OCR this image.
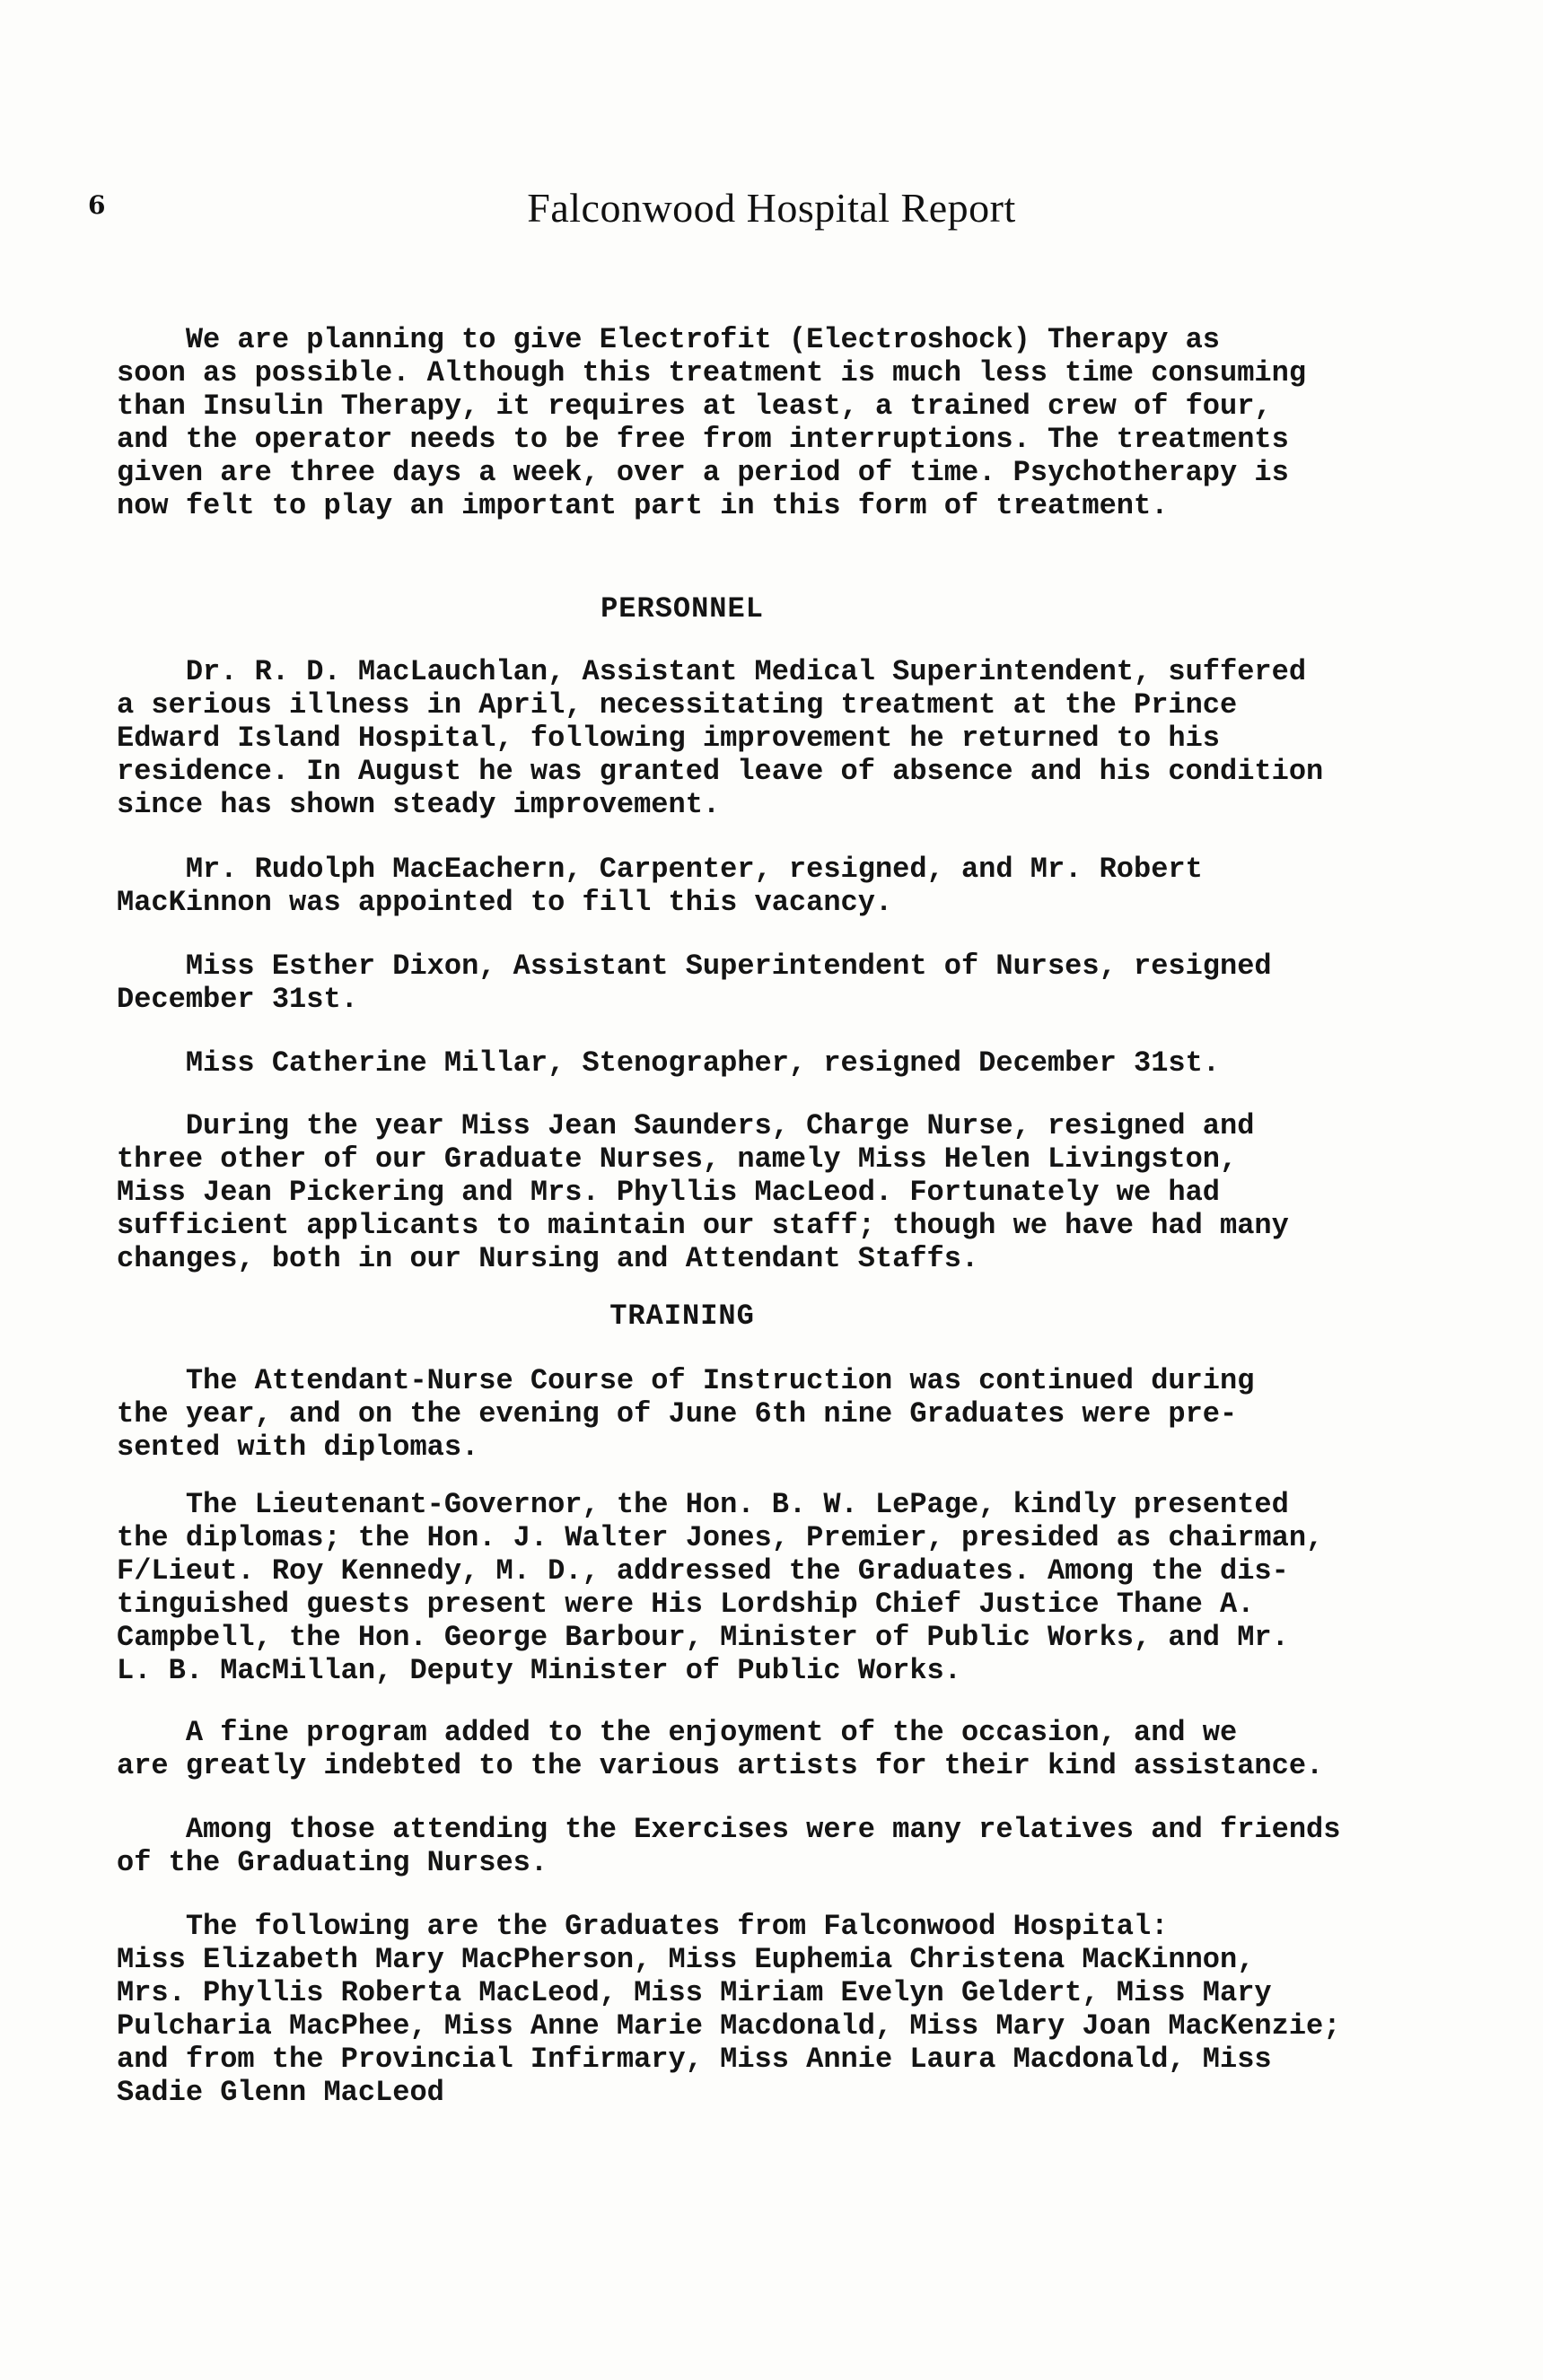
6	Falconwood Hospital Report

We are planning to give Electrofit (Electroshock) Therapy as
soon as possible. Although this treatment is much less time consuming
than Insulin Therapy, it requires at least, a trained crew of four,
and the operator needs to be free from interruptions. The treatments
given are three days a week, over a period of time. Psychotherapy is
now felt to play an important part in this form of treatment.

PERSONNEL

Dr. R. D. MacLauchlan, Assistant Medical Superintendent, suffered
a serious illness in April, necessitating treatment at the Prince
Edward Island Hospital, following improvement he returned to his
residence. In August he was granted leave of absence and his condition
since has shown steady improvement.

Mr. Rudolph MacEachern, Carpenter, resigned, and Mr. Robert
MacKinnon was appointed to fill this vacancy.

Miss Esther Dixon, Assistant Superintendent of Nurses, resigned
December 31st.

Miss Catherine Millar, Stenographer, resigned December 31st.

During the year Miss Jean Saunders, Charge Nurse, resigned and
three other of our Graduate Nurses, namely Miss Helen Livingston,
Miss Jean Pickering and Mrs. Phyllis MacLeod. Fortunately we had
sufficient applicants to maintain our staff; though we have had many
changes, both in our Nursing and Attendant Staffs.

TRAINING

The Attendant-Nurse Course of Instruction was continued during
the year, and on the evening of June 6th nine Graduates were pre-
sented with diplomas.

The Lieutenant-Governor, the Hon. B. W. LePage, kindly presented
the diplomas; the Hon. J. Walter Jones, Premier, presided as chairman,
F/Lieut. Roy Kennedy, M. D., addressed the Graduates. Among the dis-
tinguished guests present were His Lordship Chief Justice Thane A.
Campbell, the Hon. George Barbour, Minister of Public Works, and Mr.
L. B. MacMillan, Deputy Minister of Public Works.

A fine program added to the enjoyment of the occasion, and we
are greatly indebted to the various artists for their kind assistance.

Among those attending the Exercises were many relatives and friends
of the Graduating Nurses.

The following are the Graduates from Falconwood Hospital:
Miss Elizabeth Mary MacPherson, Miss Euphemia Christena MacKinnon,
Mrs. Phyllis Roberta MacLeod, Miss Miriam Evelyn Geldert, Miss Mary
Pulcharia MacPhee, Miss Anne Marie Macdonald, Miss Mary Joan MacKenzie;
and from the Provincial Infirmary, Miss Annie Laura Macdonald, Miss
Sadie Glenn MacLeod
